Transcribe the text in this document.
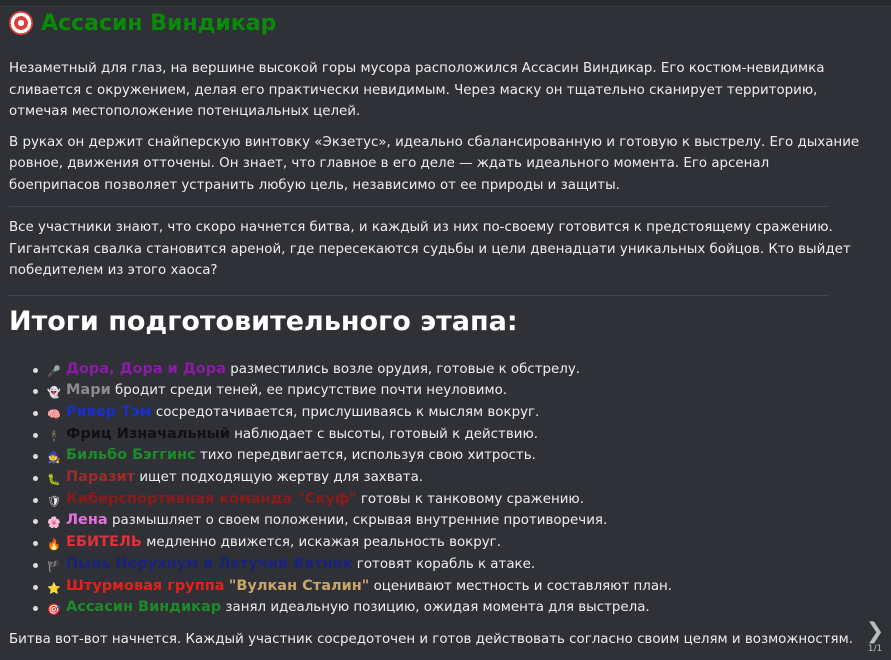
Ассасин Виндикар

Незаметный для глаз, на вершине высокой горы мусора расположился Ассасин Виндикар. Его костюм-невидимка сливается с окружением, делая его практически невидимым. Через маску он тщательно сканирует территорию, отмечая местоположение потенциальных целей.

В руках он держит снайперскую винтовку «Экзетус», идеально сбалансированную и готовую к выстрелу. Его дыхание ровное, движения отточены. Он знает, что главное в его деле — ждать идеального момента. Его арсенал боеприпасов позволяет устранить любую цель, независимо от ее природы и защиты.

Все участники знают, что скоро начнется битва, и каждый из них по-своему готовится к предстоящему сражению. Гигантская свалка становится ареной, где пересекаются судьбы и цели двенадцати уникальных бойцов. Кто выйдет победителем из этого хаоса?

Итоги подготовительного этапа:
🎤 Дора, Дора и Дора разместились возле орудия, готовые к обстрелу.
👻 Мари бродит среди теней, ее присутствие почти неуловимо.
🧠 Ривер Тэм сосредотачивается, прислушиваясь к мыслям вокруг.
🕴 Фриц Изначальный наблюдает с высоты, готовый к действию.
🧙 Бильбо Бэггинс тихо передвигается, используя свою хитрость.
🐛 Паразит ищет подходящую жертву для захвата.
🛡 Киберспортивная команда "Скуф" готовы к танковому сражению.
🌸 Лена размышляет о своем положении, скрывая внутренние противоречия.
🔥 ЕБИТЕЛЬ медленно движется, искажая реальность вокруг.
🏴 Пынь Нерухнум и Летучий Ватник готовят корабль к атаке.
⭐ Штурмовая группа "Вулкан Сталин" оценивают местность и составляют план.
🎯 Ассасин Виндикар занял идеальную позицию, ожидая момента для выстрела.

Битва вот-вот начнется. Каждый участник сосредоточен и готов действовать согласно своим целям и возможностям. ❯
1/1
